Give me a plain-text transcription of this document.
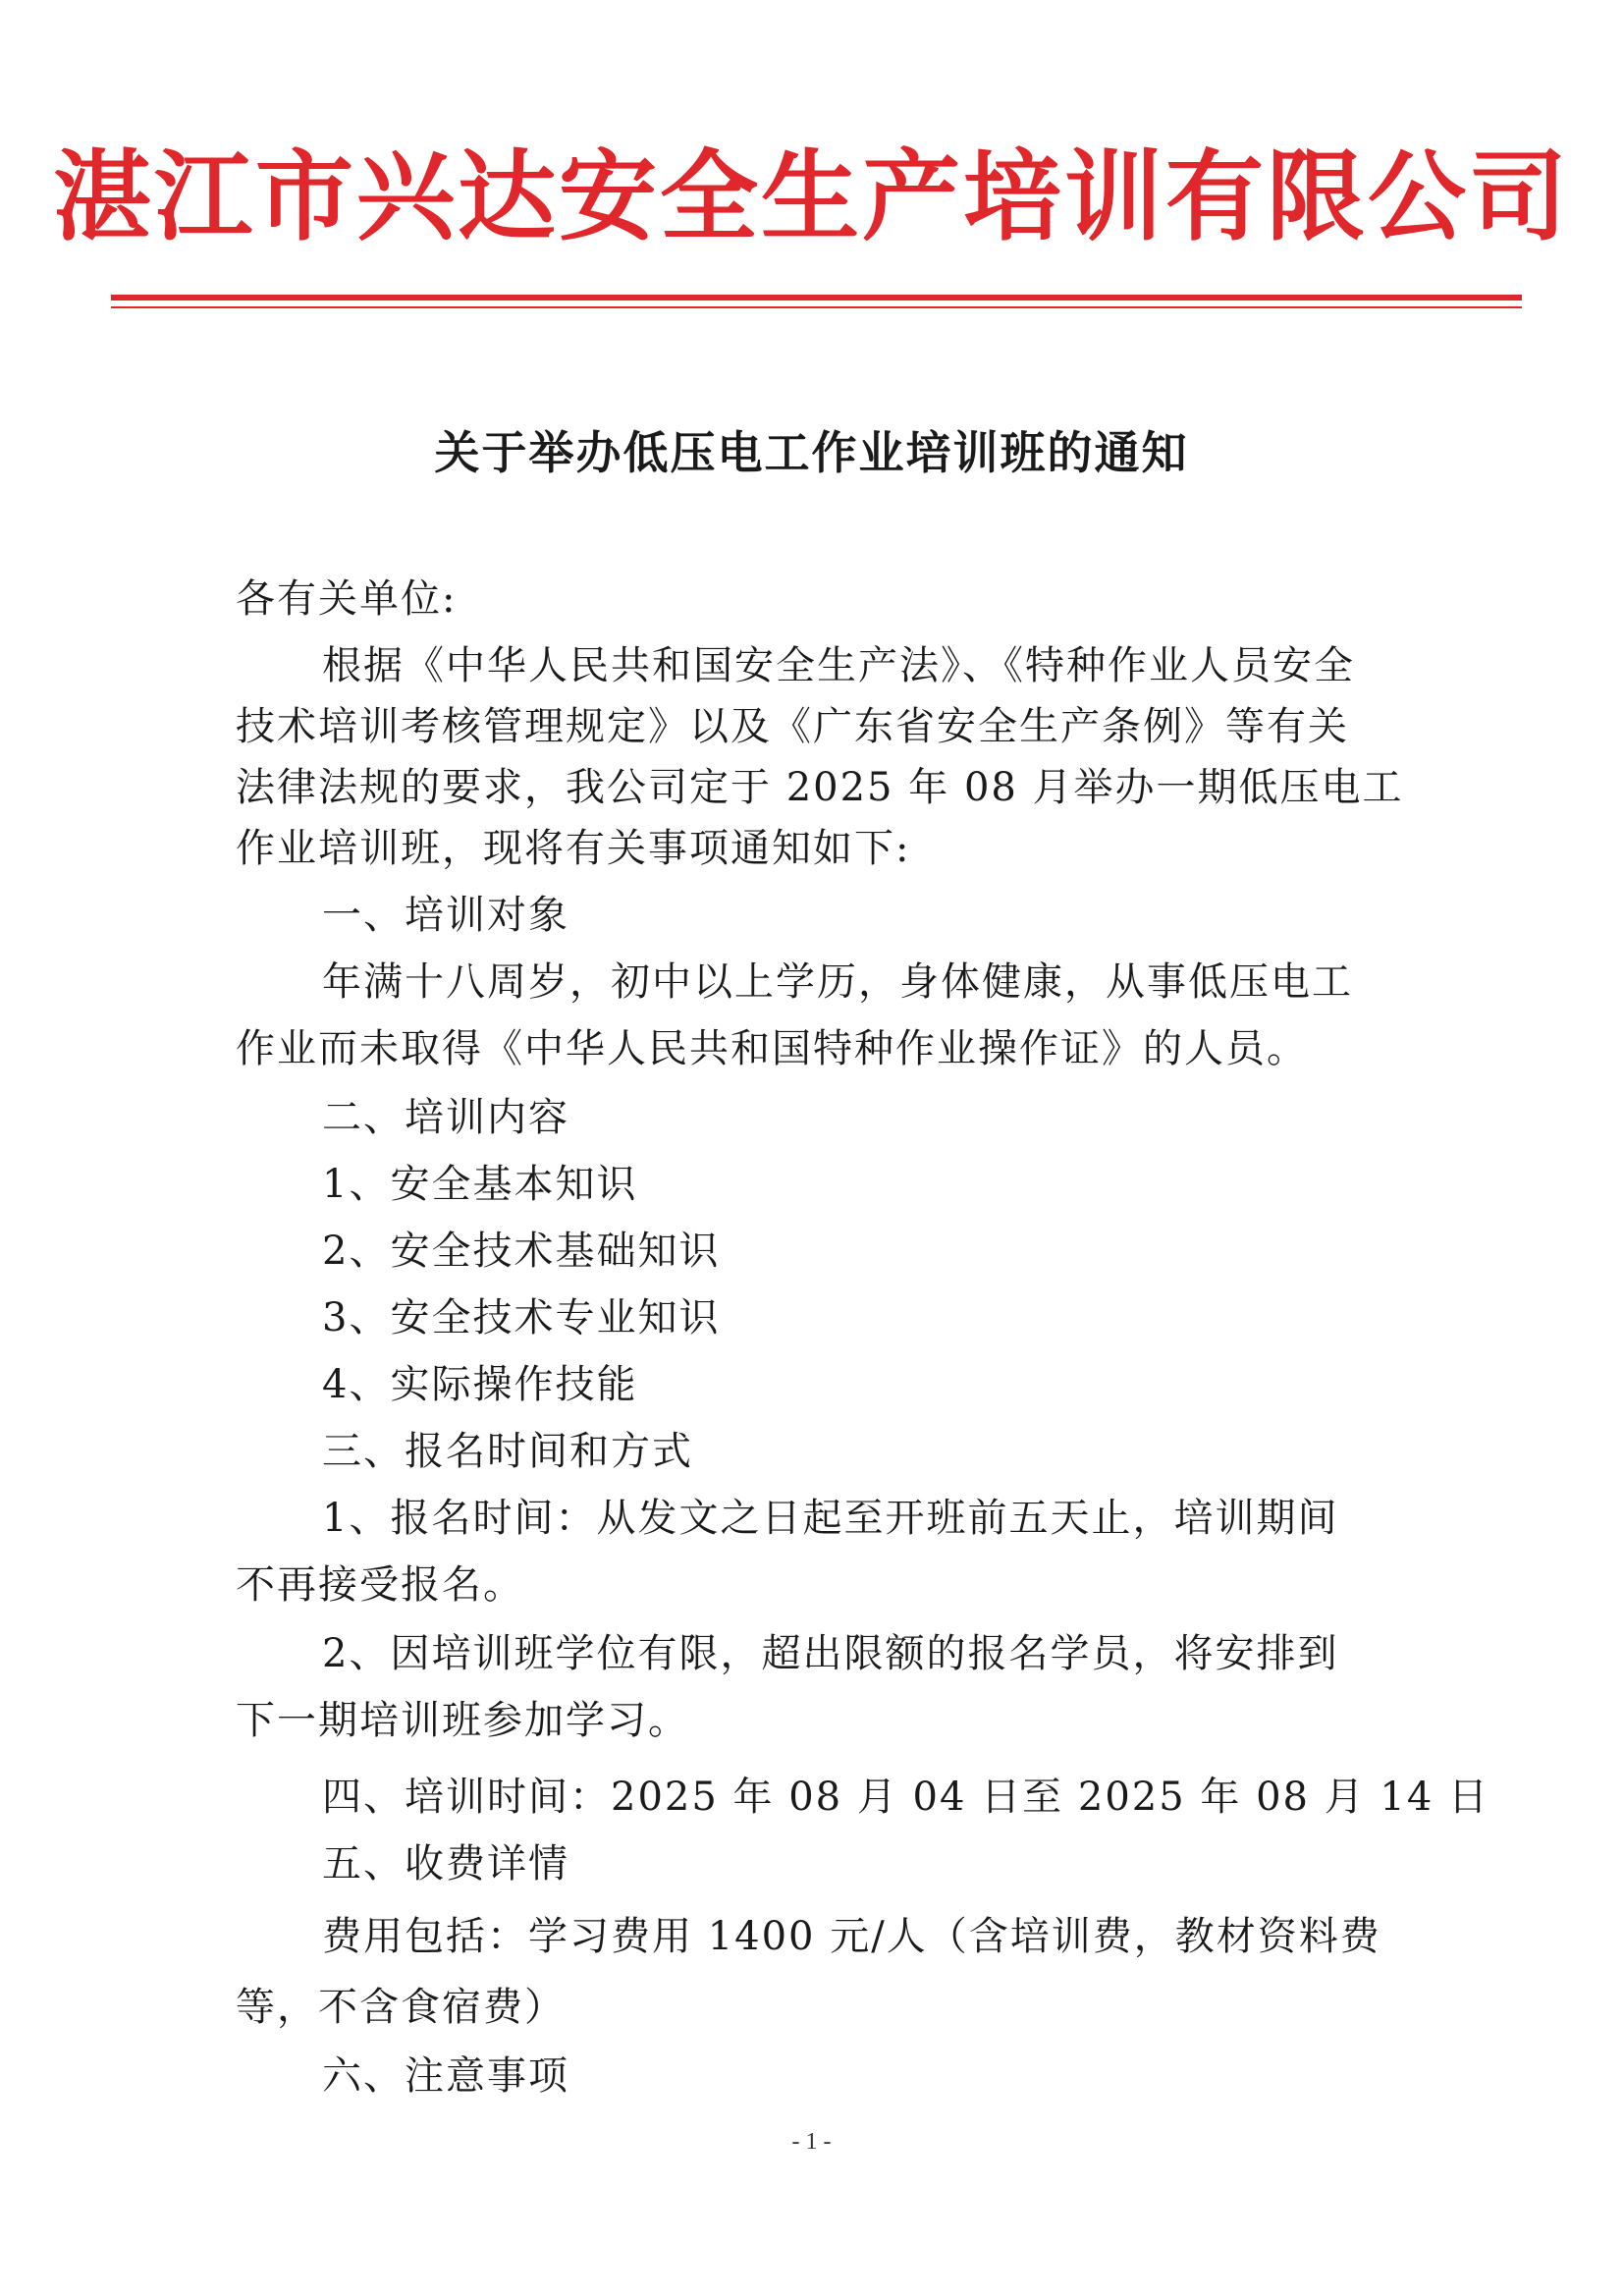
湛江市兴达安全生产培训有限公司
关于举办低压电工作业培训班的通知
各有关单位:
根据《中华人民共和国安全生产法》、《特种作业人员安全
技术培训考核管理规定》以及《广东省安全生产条例》等有关
法律法规的要求，我公司定于 2025 年 08 月举办一期低压电工
作业培训班，现将有关事项通知如下:
一、培训对象
年满十八周岁，初中以上学历，身体健康，从事低压电工
作业而未取得《中华人民共和国特种作业操作证》的人员。
二、培训内容
1、安全基本知识
2、安全技术基础知识
3、安全技术专业知识
4、实际操作技能
三、报名时间和方式
1、报名时间：从发文之日起至开班前五天止，培训期间
不再接受报名。
2、因培训班学位有限，超出限额的报名学员，将安排到
下一期培训班参加学习。
四、培训时间：2025 年 08 月 04 日至 2025 年 08 月 14 日
五、收费详情
费用包括：学习费用 1400 元/人（含培训费，教材资料费
等，不含食宿费）
六、注意事项
- 1 -
